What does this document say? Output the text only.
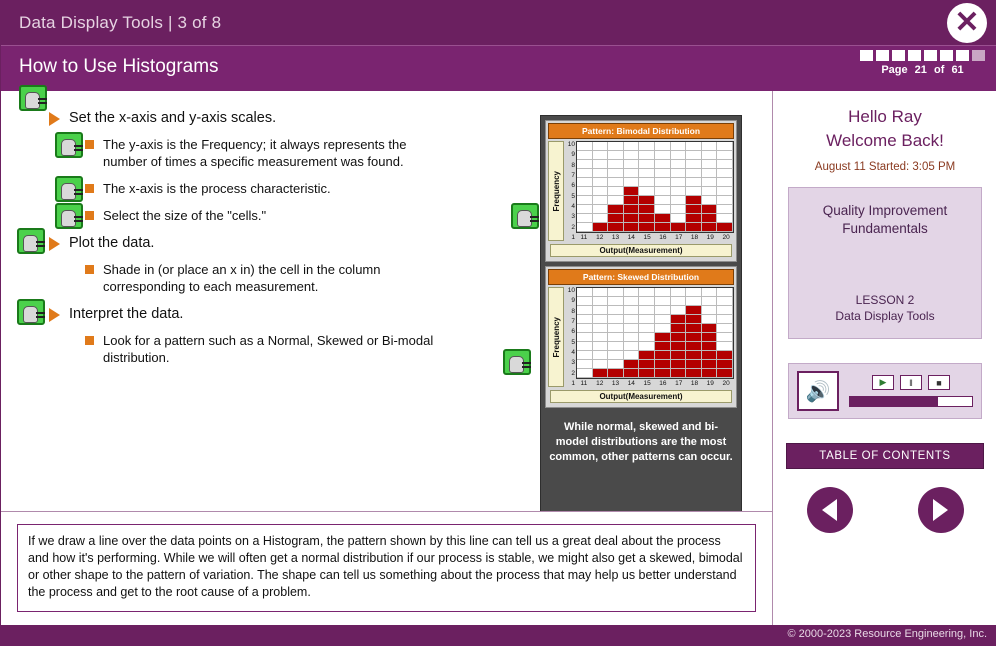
Data Display Tools | 3 of 8	✕
How to Use Histograms	Page 21 of 61
Set the x-axis and y-axis scales.
The y-axis is the Frequency; it always represents the number of times a specific measurement was found.
The x-axis is the process characteristic.
Select the size of the "cells."
Plot the data.
Shade in (or place an x in) the cell in the column corresponding to each measurement.
Interpret the data.
Look for a pattern such as a Normal, Skewed or Bi-modal distribution.
Pattern: Bimodal Distribution
Frequency
1
2
3
4
5
6
7
8
9
10
11	12	13	14	15	16	17	18	19	20
Output(Measurement)
Pattern: Skewed Distribution
Frequency
1
2
3
4
5
6
7
8
9
10
11	12	13	14	15	16	17	18	19	20
Output(Measurement)
While normal, skewed and bi-model distributions are the most common, other patterns can occur.
If we draw a line over the data points on a Histogram, the pattern shown by this line can tell us a great deal about the process and how it's performing. While we will often get a normal distribution if our process is stable, we might also get a skewed, bimodal or other shape to the pattern of variation. The shape can tell us something about the process that may help us better understand the process and get to the root cause of a problem.
Hello Ray
Welcome Back!
August 11 Started: 3:05 PM
Quality Improvement Fundamentals
LESSON 2
Data Display Tools
🔊	▶	‖	■
TABLE OF CONTENTS
© 2000-2023 Resource Engineering, Inc.
